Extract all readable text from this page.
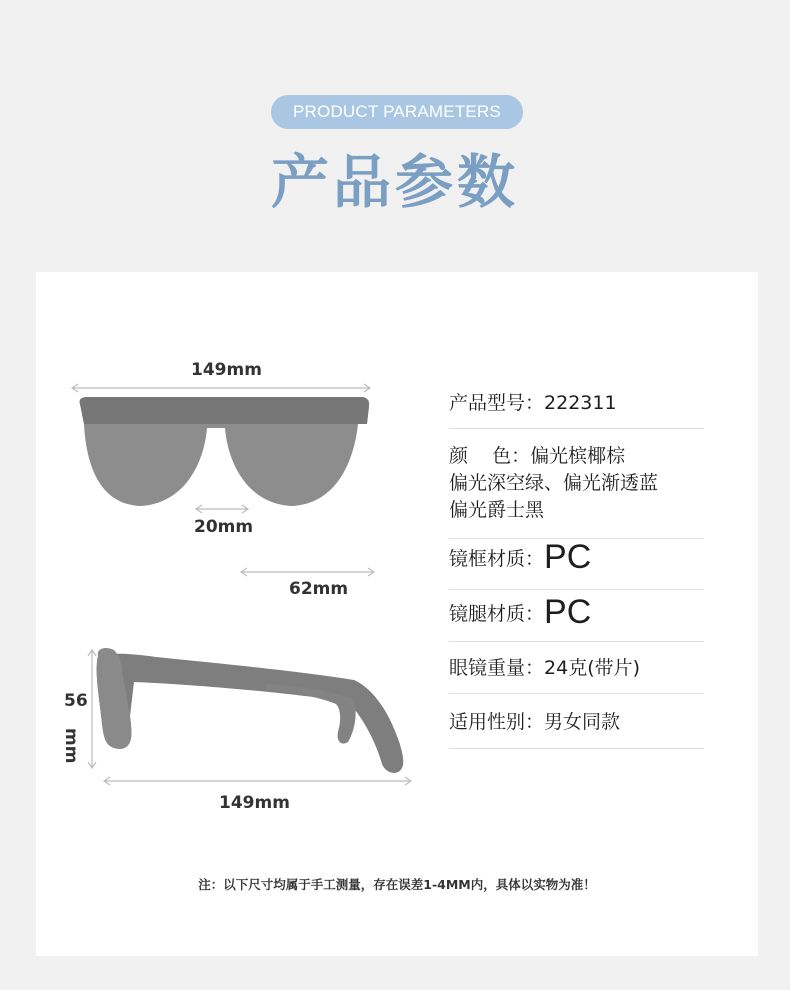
PRODUCT PARAMETERS
产品参数
149mm
20mm
62mm
56
mm
149mm
产品型号：222311
颜    色：偏光槟椰棕
偏光深空绿、偏光渐透蓝
偏光爵士黑
镜框材质：PC
镜腿材质：PC
眼镜重量：24克(带片)
适用性别：男女同款
注：以下尺寸均属于手工测量，存在误差1-4MM内，具体以实物为准！
